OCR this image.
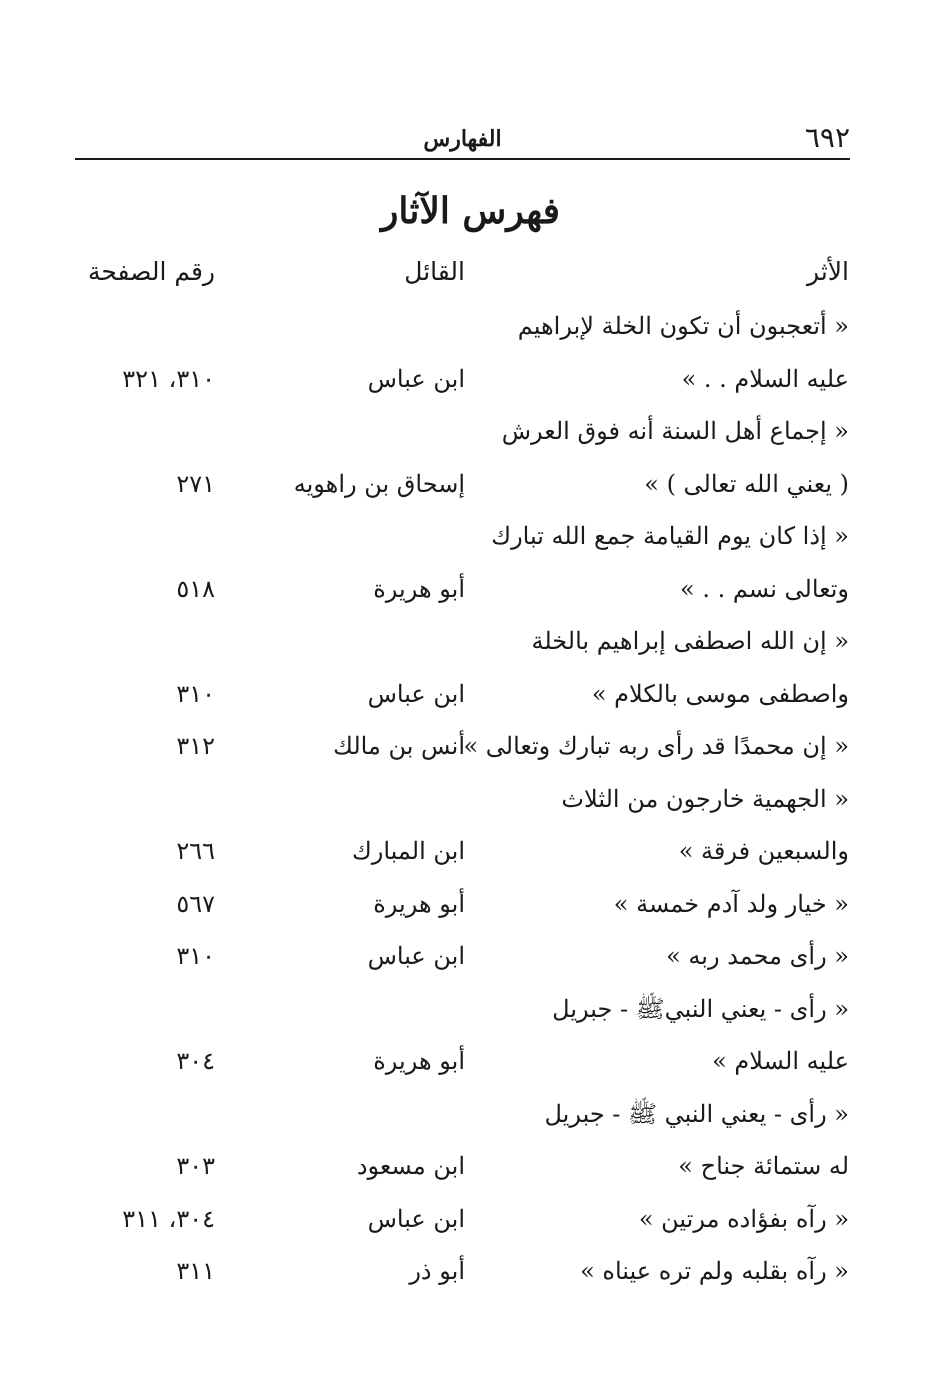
٦٩٢
الفهارس
فهرس الآثار
الأثر
القائل
رقم الصفحة
« أتعجبون أن تكون الخلة لإبراهيم
عليه السلام . . »
ابن عباس
٣١٠، ٣٢١
« إجماع أهل السنة أنه فوق العرش
( يعني الله تعالى ) »
إسحاق بن راهويه
٢٧١
« إذا كان يوم القيامة جمع الله تبارك
وتعالى نسم . . »
أبو هريرة
٥١٨
« إن الله اصطفى إبراهيم بالخلة
واصطفى موسى بالكلام »
ابن عباس
٣١٠
« إن محمدًا قد رأى ربه تبارك وتعالى »
أنس بن مالك
٣١٢
« الجهمية خارجون من الثلاث
والسبعين فرقة »
ابن المبارك
٢٦٦
« خيار ولد آدم خمسة »
أبو هريرة
٥٦٧
« رأى محمد ربه »
ابن عباس
٣١٠
« رأى - يعني النبيﷺ - جبريل
عليه السلام »
أبو هريرة
٣٠٤
« رأى - يعني النبي ﷺ - جبريل
له ستمائة جناح »
ابن مسعود
٣٠٣
« رآه بفؤاده مرتين »
ابن عباس
٣٠٤، ٣١١
« رآه بقلبه ولم تره عيناه »
أبو ذر
٣١١
